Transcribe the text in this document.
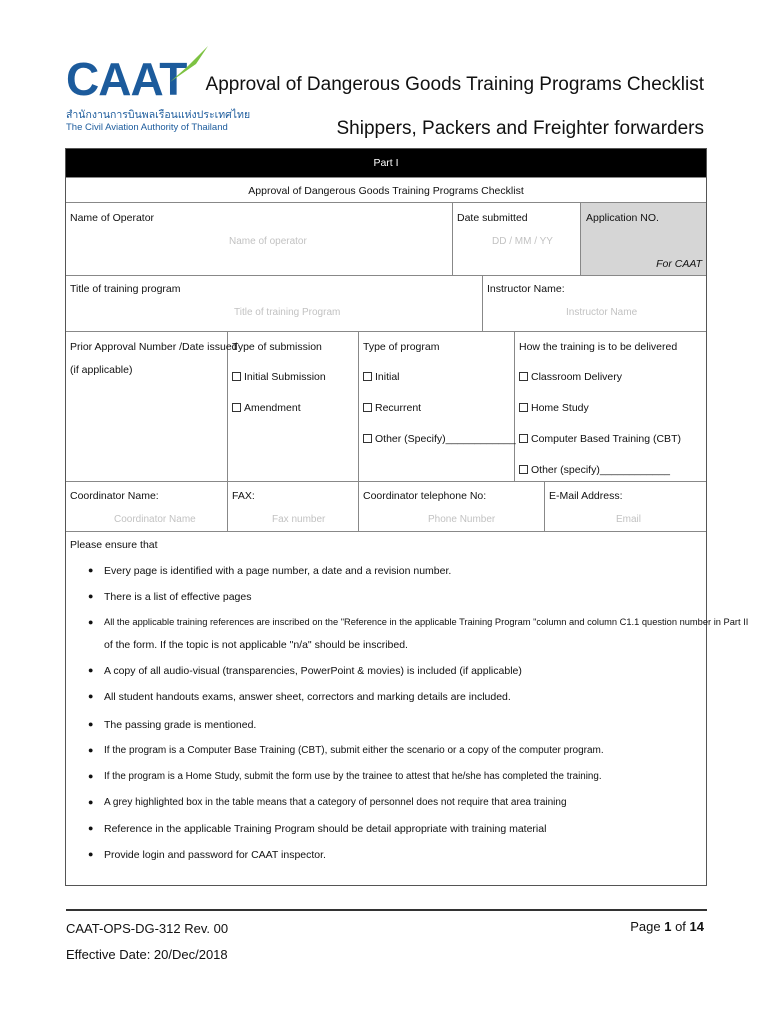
CAAT
สำนักงานการบินพลเรือนแห่งประเทศไทย
The Civil Aviation Authority of Thailand
Approval of Dangerous Goods Training Programs Checklist
Shippers, Packers and Freighter forwarders
Part I
Approval of Dangerous Goods Training Programs Checklist
Name of Operator
Name of operator
Date submitted
DD / MM / YY
Application NO.
For CAAT
Title of training program
Title of training Program
Instructor Name:
Instructor Name
Prior Approval Number /Date issued
(if applicable)
Type of submission
Initial Submission
Amendment
Type of program
Initial
Recurrent
Other (Specify)____________
How the training is to be delivered
Classroom Delivery
Home Study
Computer Based Training (CBT)
Other (specify)____________
Coordinator Name:
Coordinator Name
FAX:
Fax number
Coordinator telephone No:
Phone Number
E-Mail Address:
Email
Please ensure that
● Every page is identified with a page number, a date and a revision number.
● There is a list of effective pages
● All the applicable training references are inscribed on the "Reference in the applicable Training Program "column and column C1.1 question number in Part II
of the form. If the topic is not applicable "n/a" should be inscribed.
● A copy of all audio-visual (transparencies, PowerPoint & movies) is included (if applicable)
● All student handouts exams, answer sheet, correctors and marking details are included.
● The passing grade is mentioned.
● If the program is a Computer Base Training (CBT), submit either the scenario or a copy of the computer program.
● If the program is a Home Study, submit the form use by the trainee to attest that he/she has completed the training.
● A grey highlighted box in the table means that a category of personnel does not require that area training
● Reference in the applicable Training Program should be detail appropriate with training material
● Provide login and password for CAAT inspector.
CAAT-OPS-DG-312 Rev. 00
Effective Date: 20/Dec/2018
Page 1 of 14
